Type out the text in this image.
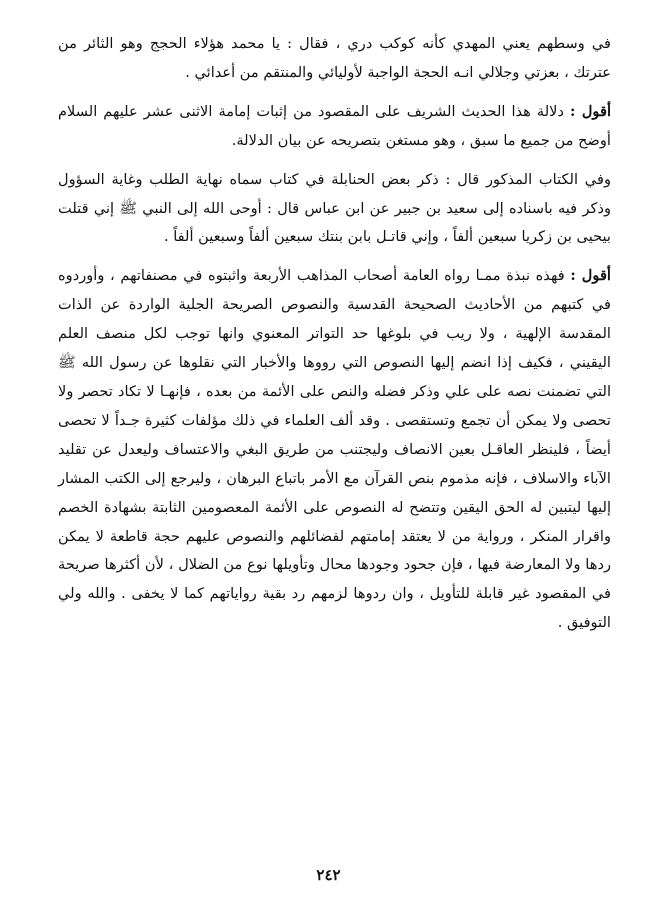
في وسطهم يعني المهدي كأنه كوكب دري ، فقال : يا محمد هؤلاء الحجج وهو الثائر من عترتك ، بعزتي وجلالي انـه الحجة الواجبة لأوليائي والمنتقم من أعدائي .

أقول : دلالة هذا الحديث الشريف على المقصود من إثبات إمامة الاثنى عشر عليهم السلام أوضح من جميع ما سبق ، وهو مستغن بتصريحه عن بيان الدلالة.

وفي الكتاب المذكور قال : ذكر بعض الحنابلة في كتاب سماه نهاية الطلب وغاية السؤول وذكر فيه باسناده إلى سعيد بن جبير عن ابن عباس قال : أوحى الله إلى النبي ﷺ إني قتلت بيحيى بن زكريا سبعين ألفاً ، وإني قاتـل بابن بنتك سبعين ألفاً وسبعين ألفاً .

أقول : فهذه نبذة ممـا رواه العامة أصحاب المذاهب الأربعة واثبتوه في مصنفاتهم ، وأوردوه في كتبهم من الأحاديث الصحيحة القدسية والنصوص الصريحة الجلية الواردة عن الذات المقدسة الإلهية ، ولا ريب في بلوغها حد التواتر المعنوي وانها توجب لكل منصف العلم اليقيني ، فكيف إذا انضم إليها النصوص التي رووها والأخبار التي نقلوها عن رسول الله ﷺ التي تضمنت نصه على علي وذكر فضله والنص على الأئمة من بعده ، فإنهـا لا تكاد تحصر ولا تحصى ولا يمكن أن تجمع وتستقصى . وقد ألف العلماء في ذلك مؤلفات كثيرة جـداً لا تحصى أيضاً ، فلينظر العاقـل بعين الانصاف وليجتنب من طريق البغي والاعتساف وليعدل عن تقليد الآباء والاسلاف ، فإنه مذموم بنص القرآن مع الأمر باتباع البرهان ، وليرجع إلى الكتب المشار إليها ليتبين له الحق اليقين وتتضح له النصوص على الأئمة المعصومين الثابتة بشهادة الخصم واقرار المنكر ، ورواية من لا يعتقد إمامتهم لفضائلهم والنصوص عليهم حجة قاطعة لا يمكن ردها ولا المعارضة فيها ، فإن جحود وجودها محال وتأويلها نوع من الضلال ، لأن أكثرها صريحة في المقصود غير قابلة للتأويل ، وان ردوها لزمهم رد بقية رواياتهم كما لا يخفى . والله ولي التوفيق .

٢٤٢
